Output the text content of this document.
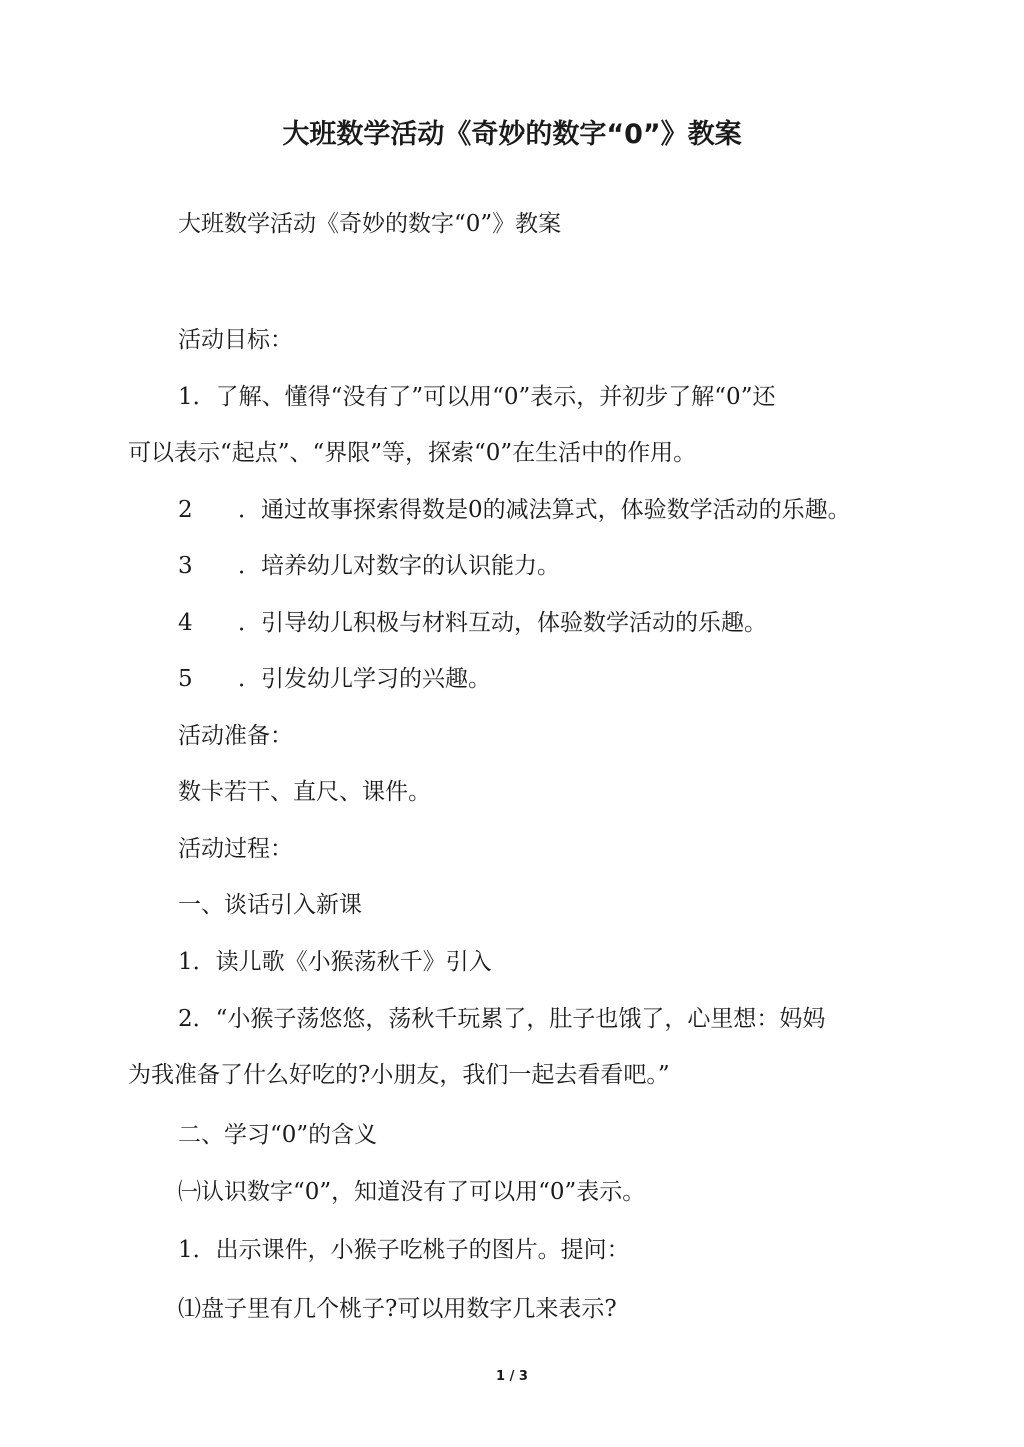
大班数学活动《奇妙的数字“0”》教案

大班数学活动《奇妙的数字“0”》教案

活动目标：

1．了解、懂得“没有了”可以用“0”表示，并初步了解“0”还

可以表示“起点”、“界限”等，探索“0”在生活中的作用。

2 ．通过故事探索得数是0的减法算式，体验数学活动的乐趣。

3 ．培养幼儿对数字的认识能力。

4 ．引导幼儿积极与材料互动，体验数学活动的乐趣。

5 ．引发幼儿学习的兴趣。

活动准备：

数卡若干、直尺、课件。

活动过程：

一、谈话引入新课

1．读儿歌《小猴荡秋千》引入

2．“小猴子荡悠悠，荡秋千玩累了，肚子也饿了，心里想：妈妈

为我准备了什么好吃的?小朋友，我们一起去看看吧。”

二、学习“0”的含义

㈠认识数字“0”，知道没有了可以用“0”表示。

1．出示课件，小猴子吃桃子的图片。提问：

⑴盘子里有几个桃子?可以用数字几来表示?

1 / 3
